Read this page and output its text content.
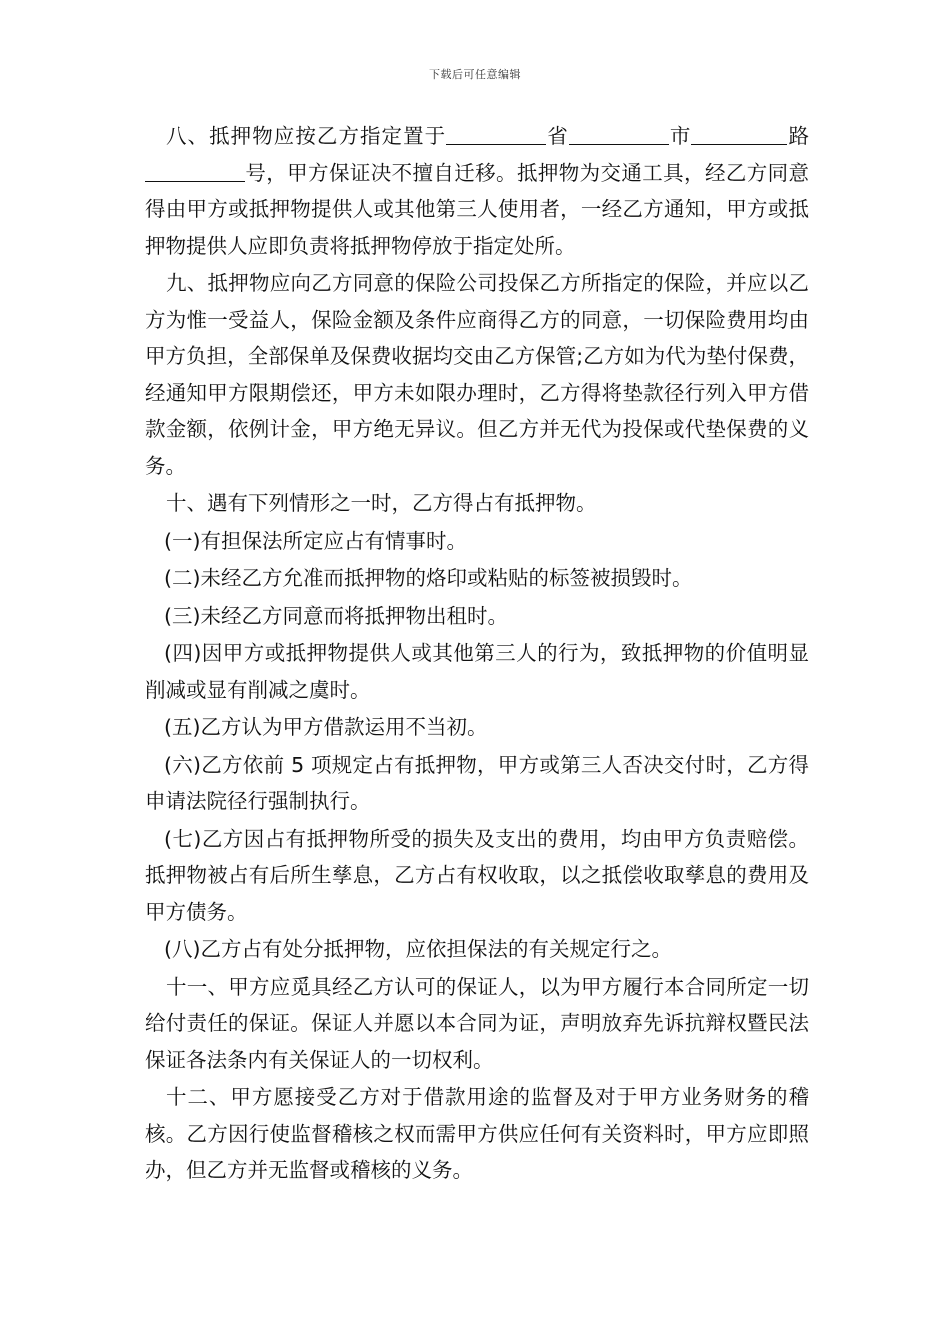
下载后可任意编辑

八、抵押物应按乙方指定置于	省	市	路号，甲方保证决不擅自迁移。抵押物为交通工具，经乙方同意得由甲方或抵押物提供人或其他第三人使用者，一经乙方通知，甲方或抵押物提供人应即负责将抵押物停放于指定处所。

九、抵押物应向乙方同意的保险公司投保乙方所指定的保险，并应以乙方为惟一受益人，保险金额及条件应商得乙方的同意，一切保险费用均由甲方负担，全部保单及保费收据均交由乙方保管;乙方如为代为垫付保费，经通知甲方限期偿还，甲方未如限办理时，乙方得将垫款径行列入甲方借款金额，依例计金，甲方绝无异议。但乙方并无代为投保或代垫保费的义务。

十、遇有下列情形之一时，乙方得占有抵押物。

(一)有担保法所定应占有情事时。

(二)未经乙方允准而抵押物的烙印或粘贴的标签被损毁时。

(三)未经乙方同意而将抵押物出租时。

(四)因甲方或抵押物提供人或其他第三人的行为，致抵押物的价值明显削减或显有削减之虞时。

(五)乙方认为甲方借款运用不当初。

(六)乙方依前 5 项规定占有抵押物，甲方或第三人否决交付时，乙方得申请法院径行强制执行。

(七)乙方因占有抵押物所受的损失及支出的费用，均由甲方负责赔偿。抵押物被占有后所生孳息，乙方占有权收取，以之抵偿收取孳息的费用及甲方债务。

(八)乙方占有处分抵押物，应依担保法的有关规定行之。

十一、甲方应觅具经乙方认可的保证人，以为甲方履行本合同所定一切给付责任的保证。保证人并愿以本合同为证，声明放弃先诉抗辩权暨民法保证各法条内有关保证人的一切权利。

十二、甲方愿接受乙方对于借款用途的监督及对于甲方业务财务的稽核。乙方因行使监督稽核之权而需甲方供应任何有关资料时，甲方应即照办，但乙方并无监督或稽核的义务。
